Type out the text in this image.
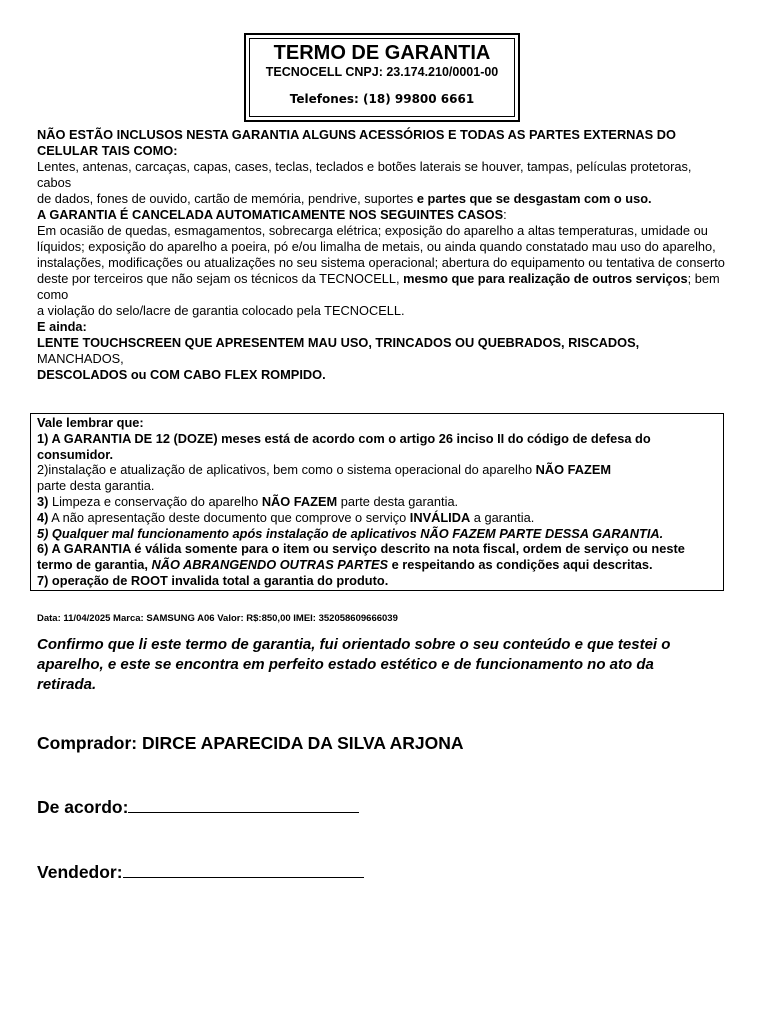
TERMO DE GARANTIA
TECNOCELL CNPJ: 23.174.210/0001-00
Telefones: (18) 99800 6661

NÃO ESTÃO INCLUSOS NESTA GARANTIA ALGUNS ACESSÓRIOS E TODAS AS PARTES EXTERNAS DO

CELULAR TAIS COMO:

Lentes, antenas, carcaças, capas, cases, teclas, teclados e botões laterais se houver, tampas, películas protetoras,

cabos

de dados, fones de ouvido, cartão de memória, pendrive, suportes e partes que se desgastam com o uso.

A GARANTIA É CANCELADA AUTOMATICAMENTE NOS SEGUINTES CASOS:

Em ocasião de quedas, esmagamentos, sobrecarga elétrica; exposição do aparelho a altas temperaturas, umidade ou

líquidos; exposição do aparelho a poeira, pó e/ou limalha de metais, ou ainda quando constatado mau uso do aparelho,

instalações, modificações ou atualizações no seu sistema operacional; abertura do equipamento ou tentativa de conserto

deste por terceiros que não sejam os técnicos da TECNOCELL, mesmo que para realização de outros serviços; bem

como

a violação do selo/lacre de garantia colocado pela TECNOCELL.

E ainda:

LENTE TOUCHSCREEN QUE APRESENTEM MAU USO, TRINCADOS OU QUEBRADOS, RISCADOS,

MANCHADOS,

DESCOLADOS ou COM CABO FLEX ROMPIDO.

Vale lembrar que:

1) A GARANTIA DE 12 (DOZE) meses está de acordo com o artigo 26 inciso II do código de defesa do

consumidor.

2)instalação e atualização de aplicativos, bem como o sistema operacional do aparelho NÃO FAZEM

parte desta garantia.

3) Limpeza e conservação do aparelho NÃO FAZEM parte desta garantia.

4) A não apresentação deste documento que comprove o serviço INVÁLIDA a garantia.

5) Qualquer mal funcionamento após instalação de aplicativos NÃO FAZEM PARTE DESSA GARANTIA.

6) A GARANTIA é válida somente para o item ou serviço descrito na nota fiscal, ordem de serviço ou neste

termo de garantia, NÃO ABRANGENDO OUTRAS PARTES e respeitando as condições aqui descritas.

7) operação de ROOT invalida total a garantia do produto.

Data: 11/04/2025 Marca: SAMSUNG A06 Valor: R$:850,00 IMEI: 352058609666039
Confirmo que li este termo de garantia, fui orientado sobre o seu conteúdo e que testei o aparelho, e este se encontra em perfeito estado estético e de funcionamento no ato da retirada.
Comprador: DIRCE APARECIDA DA SILVA ARJONA
De acordo:
Vendedor:
